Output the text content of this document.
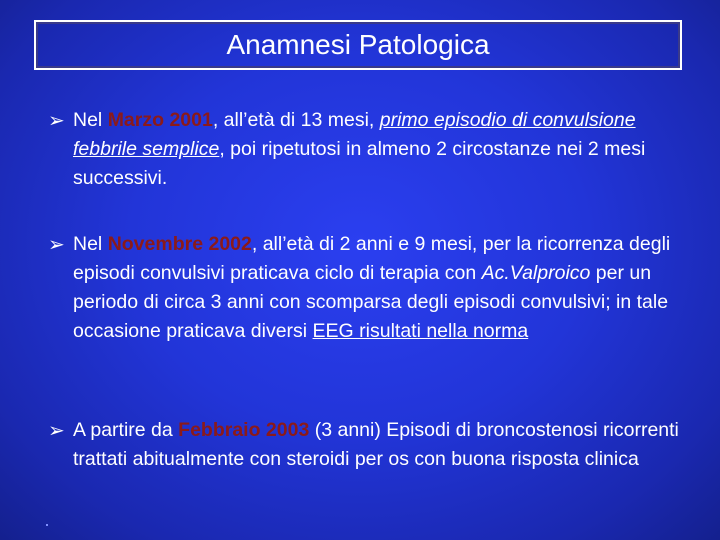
Anamnesi Patologica
➢ Nel Marzo 2001, all’età di 13 mesi, primo episodio di convulsione febbrile semplice, poi ripetutosi in almeno 2 circostanze nei 2 mesi successivi.
➢ Nel Novembre 2002, all’età di 2 anni e 9 mesi, per la ricorrenza degli episodi convulsivi praticava ciclo di terapia con Ac.Valproico per un periodo di circa 3 anni con scomparsa degli episodi convulsivi; in tale occasione praticava diversi EEG risultati nella norma
➢ A partire da Febbraio 2003 (3 anni) Episodi di broncostenosi ricorrenti trattati abitualmente con steroidi per os con buona risposta clinica
